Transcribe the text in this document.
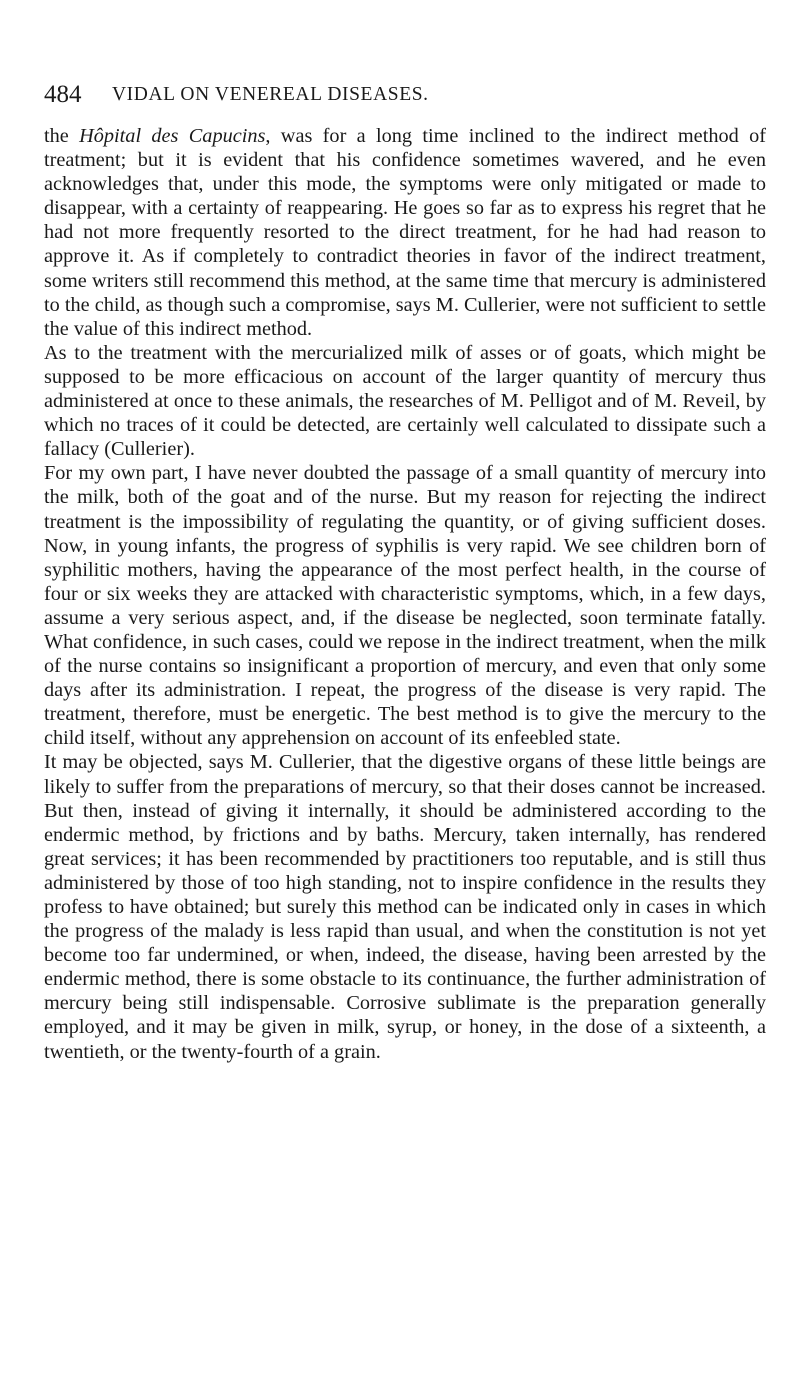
484 VIDAL ON VENEREAL DISEASES.

the Hôpital des Capucins, was for a long time inclined to the indirect method of treatment; but it is evident that his confidence sometimes wavered, and he even acknowledges that, under this mode, the symptoms were only mitigated or made to disappear, with a certainty of reappearing. He goes so far as to express his regret that he had not more frequently resorted to the direct treatment, for he had had reason to approve it. As if completely to contradict theories in favor of the indirect treatment, some writers still recommend this method, at the same time that mercury is administered to the child, as though such a compromise, says M. Cullerier, were not sufficient to settle the value of this indirect method.

As to the treatment with the mercurialized milk of asses or of goats, which might be supposed to be more efficacious on account of the larger quantity of mercury thus administered at once to these animals, the researches of M. Pelligot and of M. Reveil, by which no traces of it could be detected, are certainly well calculated to dissipate such a fallacy (Cullerier).

For my own part, I have never doubted the passage of a small quantity of mercury into the milk, both of the goat and of the nurse. But my reason for rejecting the indirect treatment is the impossibility of regulating the quantity, or of giving sufficient doses. Now, in young infants, the progress of syphilis is very rapid. We see children born of syphilitic mothers, having the appearance of the most perfect health, in the course of four or six weeks they are attacked with characteristic symptoms, which, in a few days, assume a very serious aspect, and, if the disease be neglected, soon terminate fatally. What confidence, in such cases, could we repose in the indirect treatment, when the milk of the nurse contains so insignificant a proportion of mercury, and even that only some days after its administration. I repeat, the progress of the disease is very rapid. The treatment, therefore, must be energetic. The best method is to give the mercury to the child itself, without any apprehension on account of its enfeebled state.

It may be objected, says M. Cullerier, that the digestive organs of these little beings are likely to suffer from the preparations of mercury, so that their doses cannot be increased. But then, instead of giving it internally, it should be administered according to the endermic method, by frictions and by baths. Mercury, taken internally, has rendered great services; it has been recommended by practitioners too reputable, and is still thus administered by those of too high standing, not to inspire confidence in the results they profess to have obtained; but surely this method can be indicated only in cases in which the progress of the malady is less rapid than usual, and when the constitution is not yet become too far undermined, or when, indeed, the disease, having been arrested by the endermic method, there is some obstacle to its continuance, the further administration of mercury being still indispensable. Corrosive sublimate is the preparation generally employed, and it may be given in milk, syrup, or honey, in the dose of a sixteenth, a twentieth, or the twenty-fourth of a grain.
